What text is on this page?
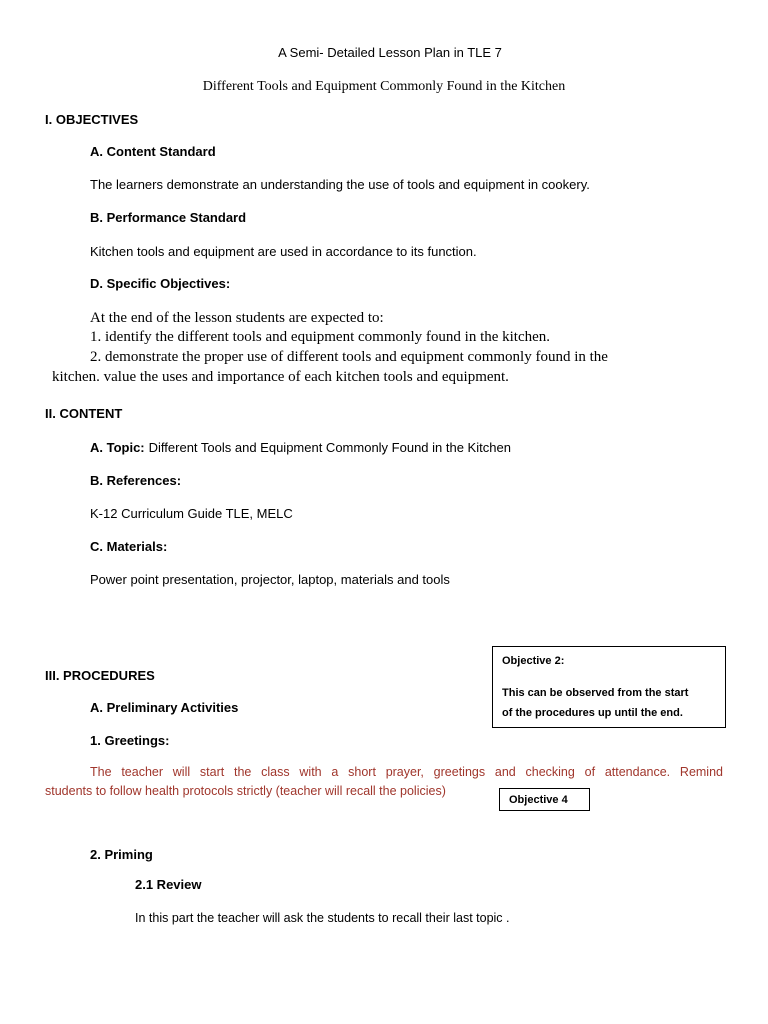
A Semi- Detailed Lesson Plan in TLE 7
Different Tools and Equipment Commonly Found in the Kitchen
I. OBJECTIVES
A. Content Standard
The learners demonstrate an understanding the use of tools and equipment in cookery.
B. Performance Standard
Kitchen tools and equipment are used in accordance to its function.
D. Specific Objectives:
At the end of the lesson students are expected to:
1. identify the different tools and equipment commonly found in the kitchen.
2. demonstrate the proper use of different tools and equipment commonly found in the
kitchen. value the uses and importance of each kitchen tools and equipment.
II. CONTENT
A. Topic: Different Tools and Equipment Commonly Found in the Kitchen
B. References:
K-12 Curriculum Guide TLE, MELC
C. Materials:
Power point presentation, projector, laptop, materials and tools
Objective 2:
This can be observed from the start
of the procedures up until the end.
III. PROCEDURES
A. Preliminary Activities
1. Greetings:
The teacher will start the class with a short prayer, greetings and checking of attendance. Remind
students to follow health protocols strictly (teacher will recall the policies)
Objective 4
2. Priming
2.1 Review
In this part the teacher will ask the students to recall their last topic .
